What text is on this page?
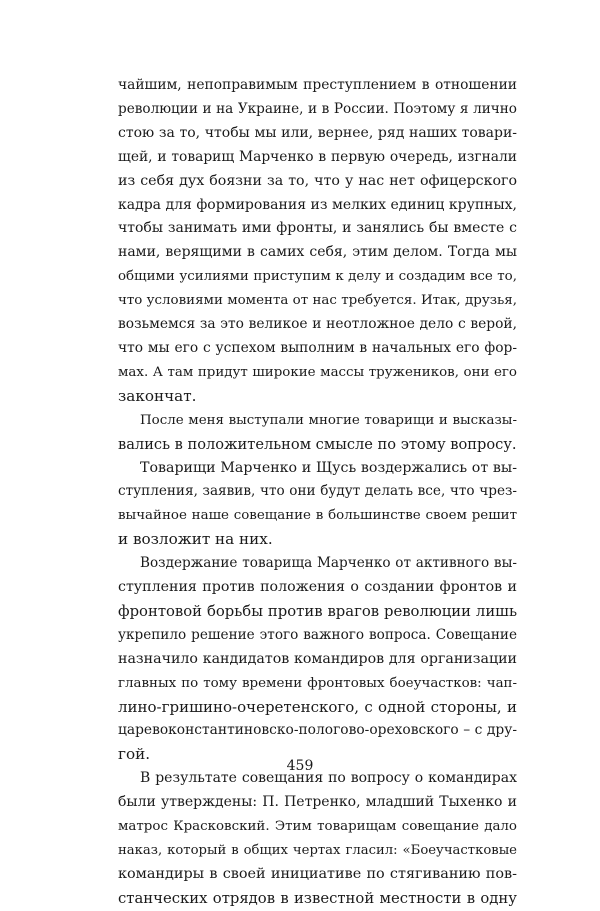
чайшим, непоправимым преступлением в отношении

революции и на Украине, и в России. Поэтому я лично

стою за то, чтобы мы или, вернее, ряд наших товари-

щей, и товарищ Марченко в первую очередь, изгнали

из себя дух боязни за то, что у нас нет офицерского

кадра для формирования из мелких единиц крупных,

чтобы занимать ими фронты, и занялись бы вместе с

нами, верящими в самих себя, этим делом. Тогда мы

общими усилиями приступим к делу и создадим все то,

что условиями момента от нас требуется. Итак, друзья,

возьмемся за это великое и неотложное дело с верой,

что мы его с успехом выполним в начальных его фор-

мах. А там придут широкие массы тружеников, они его

закончат.

После меня выступали многие товарищи и высказы-

вались в положительном смысле по этому вопросу.

Товарищи Марченко и Щусь воздержались от вы-

ступления, заявив, что они будут делать все, что чрез-

вычайное наше совещание в большинстве своем решит

и возложит на них.

Воздержание товарища Марченко от активного вы-

ступления против положения о создании фронтов и

фронтовой борьбы против врагов революции лишь

укрепило решение этого важного вопроса. Совещание

назначило кандидатов командиров для организации

главных по тому времени фронтовых боеучастков: чап-

лино-гришино-очеретенского, с одной стороны, и

царевоконстантиновско-пологово-ореховского – с дру-

гой.

В результате совещания по вопросу о командирах

были утверждены: П. Петренко, младший Тыхенко и

матрос Красковский. Этим товарищам совещание дало

наказ, который в общих чертах гласил: «Боеучастковые

командиры в своей инициативе по стягиванию пов-

станческих отрядов в известной местности в одну

459
